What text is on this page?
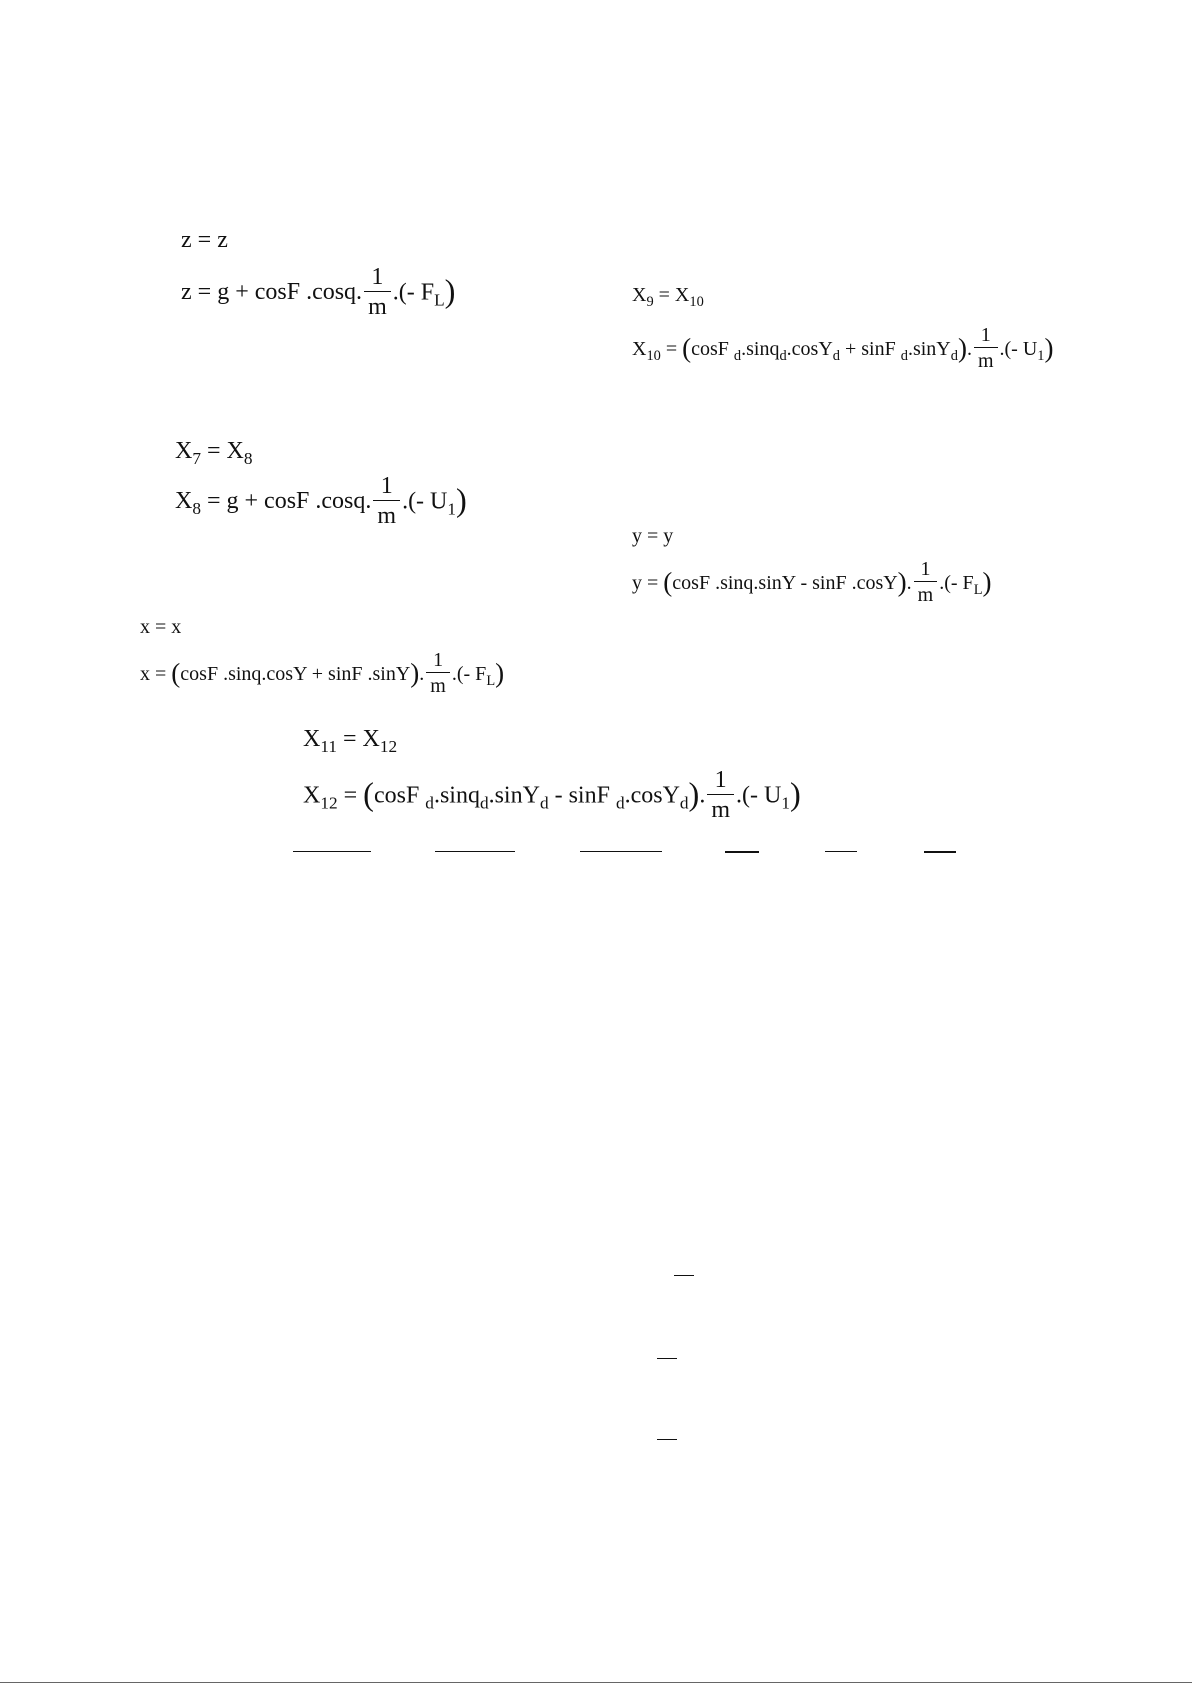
z = z
z = g + cosF .cosq. $\frac{1}{m}$ .(- $F_L$)	$X_9 = X_{10}$
$X_{10} = (\cos F$ $_d$.sinq$_d$.cosY$_d$ + sinF $_d$.sinY$_d$). $\frac{1}{m}$ .(- $U_1$)
$X_7 = X_8$
$X_8 = g + \cos F$ .cosq. $\frac{1}{m}$ .(- $U_1$)
y = y
y = (cosF .sinq.sinY - sinF .cosY). $\frac{1}{m}$ .(- $F_L$)
x = x
x = (cosF .sinq.cosY + sinF .sinY). $\frac{1}{m}$ .(- $F_L$)
$X_{11} = X_{12}$
$X_{12} = (\cos F$ $_d$.sinq$_d$.sinY$_d$ - sinF $_d$.cosY$_d$). $\frac{1}{m}$ .(- $U_1$)
